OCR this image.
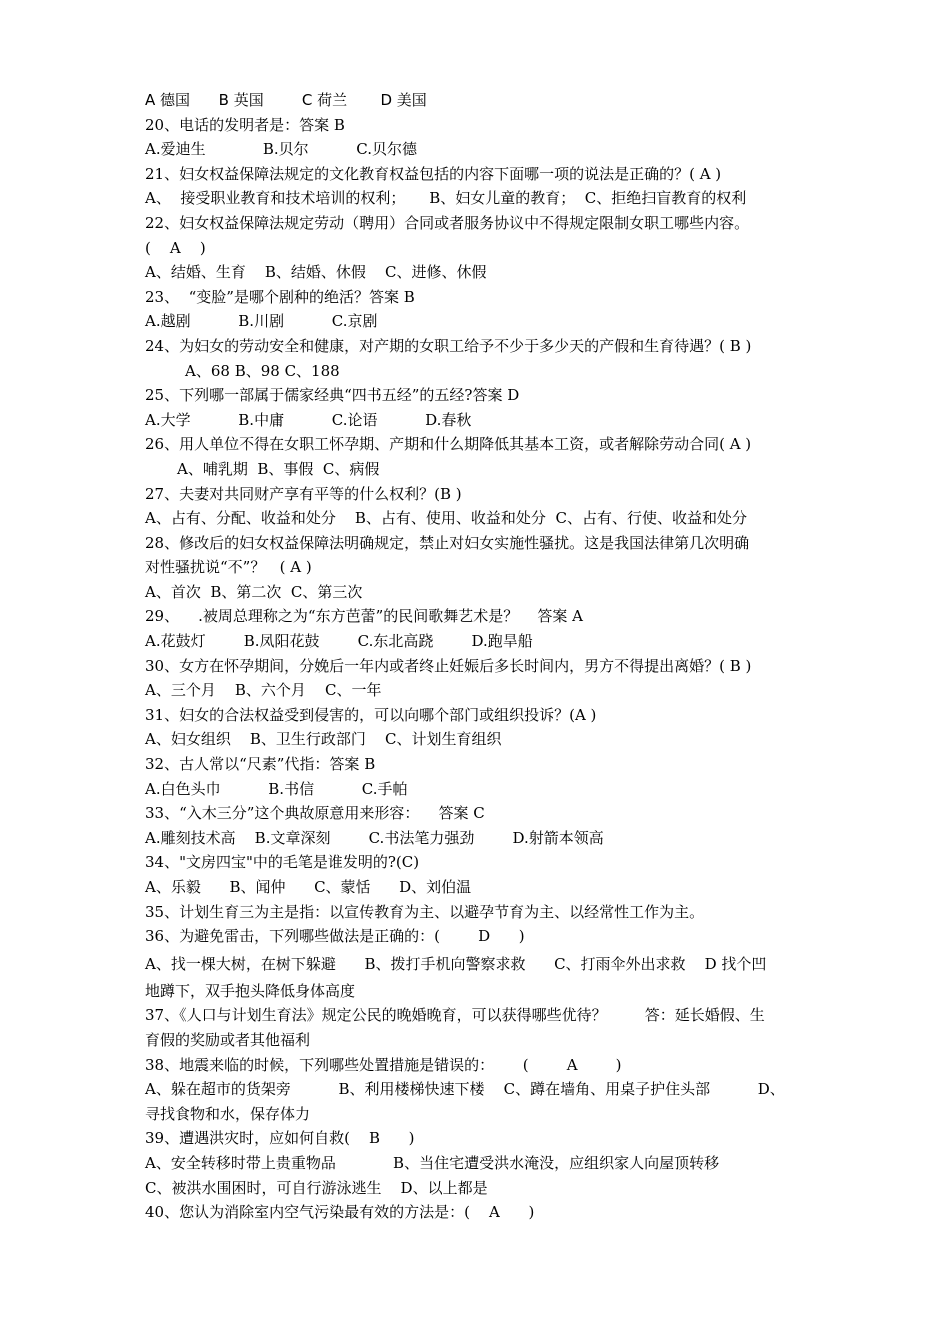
A 德国      B 英国        C 荷兰       D 美国
20、电话的发明者是：答案 B
A.爱迪生            B.贝尔          C.贝尔德
21、妇女权益保障法规定的文化教育权益包括的内容下面哪一项的说法是正确的？( A )
A、  接受职业教育和技术培训的权利；     B、妇女儿童的教育；  C、拒绝扫盲教育的权利
22、妇女权益保障法规定劳动（聘用）合同或者服务协议中不得规定限制女职工哪些内容。
(    A    )
A、结婚、生育    B、结婚、休假    C、进修、休假
23、  “变脸”是哪个剧种的绝活？答案 B
A.越剧          B.川剧          C.京剧
24、为妇女的劳动安全和健康，对产期的女职工给予不少于多少天的产假和生育待遇？( B )
A、68 B、98 C、188
25、下列哪一部属于儒家经典“四书五经”的五经?答案 D
A.大学          B.中庸          C.论语          D.春秋
26、用人单位不得在女职工怀孕期、产期和什么期降低其基本工资，或者解除劳动合同( A )
A、哺乳期  B、事假  C、病假
27、夫妻对共同财产享有平等的什么权利？(B )
A、占有、分配、收益和处分    B、占有、使用、收益和处分  C、占有、行使、收益和处分
28、修改后的妇女权益保障法明确规定，禁止对妇女实施性骚扰。这是我国法律第几次明确
对性骚扰说“不”？   ( A )
A、首次  B、第二次  C、第三次
29、    .被周总理称之为“东方芭蕾”的民间歌舞艺术是？    答案 A
A.花鼓灯        B.凤阳花鼓        C.东北高跷        D.跑旱船
30、女方在怀孕期间，分娩后一年内或者终止妊娠后多长时间内，男方不得提出离婚？( B )
A、三个月    B、六个月    C、一年
31、妇女的合法权益受到侵害的，可以向哪个部门或组织投诉？(A )
A、妇女组织    B、卫生行政部门    C、计划生育组织
32、古人常以“尺素”代指：答案 B
A.白色头巾          B.书信          C.手帕
33、“入木三分”这个典故原意用来形容：    答案 C
A.雕刻技术高    B.文章深刻        C.书法笔力强劲        D.射箭本领高
34、"文房四宝"中的毛笔是谁发明的?(C)
A、乐毅      B、闻仲      C、蒙恬      D、刘伯温
35、计划生育三为主是指：以宣传教育为主、以避孕节育为主、以经常性工作为主。
36、为避免雷击，下列哪些做法是正确的：(        D      )
A、找一棵大树，在树下躲避      B、拨打手机向警察求救      C、打雨伞外出求救    D 找个凹
地蹲下，双手抱头降低身体高度
37、《人口与计划生育法》规定公民的晚婚晚育，可以获得哪些优待？        答：延长婚假、生
育假的奖励或者其他福利
38、地震来临的时候，下列哪些处置措施是错误的：      (        A        )
A、躲在超市的货架旁          B、利用楼梯快速下楼    C、蹲在墙角、用桌子护住头部          D、
寻找食物和水，保存体力
39、遭遇洪灾时，应如何自救(    B      )
A、安全转移时带上贵重物品            B、当住宅遭受洪水淹没，应组织家人向屋顶转移
C、被洪水围困时，可自行游泳逃生    D、以上都是
40、您认为消除室内空气污染最有效的方法是：(    A      )
